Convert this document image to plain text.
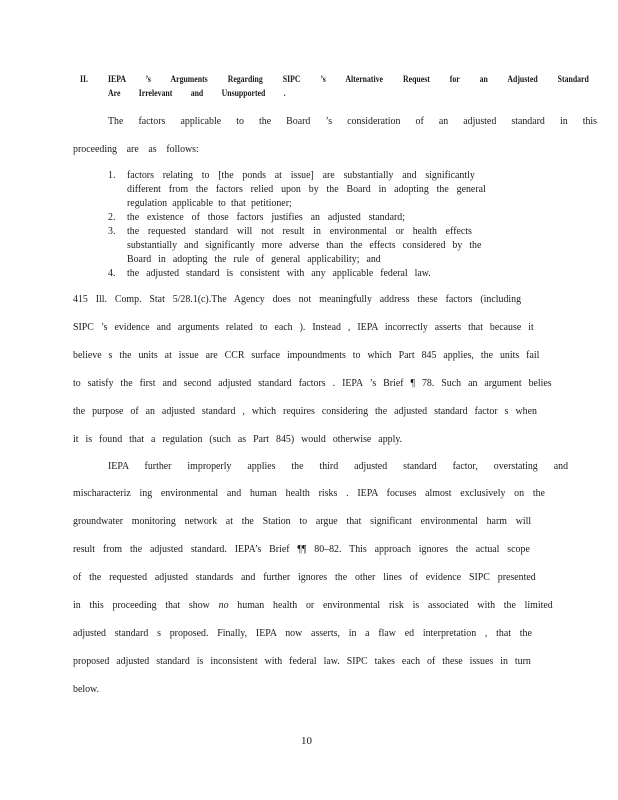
II. IEPA ’s Arguments Regarding SIPC ’s Alternative Request for an Adjusted Standard
Are Irrelevant and Unsupported .
The factors applicable to the Board ’s consideration of an adjusted standard in this
proceeding are as follows:
1. factors relating to [the ponds at issue] are substantially and significantly
different from the factors relied upon by the Board in adopting the general
regulation applicable to that petitioner;
2. the existence of those factors justifies an adjusted standard;
3. the requested standard will not result in environmental or health effects
substantially and significantly more adverse than the effects considered by the
Board in adopting the rule of general applicability; and
4. the adjusted standard is consistent with any applicable federal law.
415 Ill. Comp. Stat 5/28.1(c).The Agency does not meaningfully address these factors (including
SIPC ’s evidence and arguments related to each ). Instead , IEPA incorrectly asserts that because it
believe s the units at issue are CCR surface impoundments to which Part 845 applies, the units fail
to satisfy the first and second adjusted standard factors . IEPA ’s Brief ¶ 78. Such an argument belies
the purpose of an adjusted standard , which requires considering the adjusted standard factor s when
it is found that a regulation (such as Part 845) would otherwise apply.
IEPA further improperly applies the third adjusted standard factor, overstating and
mischaracteriz ing environmental and human health risks . IEPA focuses almost exclusively on the
groundwater monitoring network at the Station to argue that significant environmental harm will
result from the adjusted standard. IEPA’s Brief ¶¶ 80–82. This approach ignores the actual scope
of the requested adjusted standards and further ignores the other lines of evidence SIPC presented
in this proceeding that show no human health or environmental risk is associated with the limited
adjusted standard s proposed. Finally, IEPA now asserts, in a flaw ed interpretation , that the
proposed adjusted standard is inconsistent with federal law. SIPC takes each of these issues in turn
below.
10
